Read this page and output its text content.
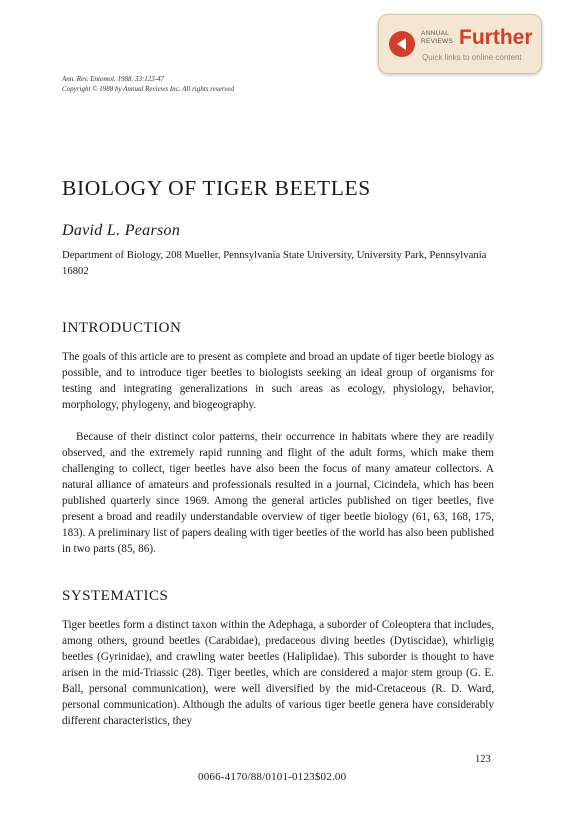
ANNUAL
REVIEWS Further
Quick links to online content
Ann. Rev. Entomol. 1988. 33:123-47
Copyright © 1988 by Annual Reviews Inc. All rights reserved
BIOLOGY OF TIGER BEETLES
David L. Pearson
Department of Biology, 208 Mueller, Pennsylvania State University, University Park, Pennsylvania 16802
INTRODUCTION

The goals of this article are to present as complete and broad an update of tiger beetle biology as possible, and to introduce tiger beetles to biologists seeking an ideal group of organisms for testing and integrating generalizations in such areas as ecology, physiology, behavior, morphology, phylogeny, and biogeography.

Because of their distinct color patterns, their occurrence in habitats where they are readily observed, and the extremely rapid running and flight of the adult forms, which make them challenging to collect, tiger beetles have also been the focus of many amateur collectors. A natural alliance of amateurs and professionals resulted in a journal, Cicindela, which has been published quarterly since 1969. Among the general articles published on tiger beetles, five present a broad and readily understandable overview of tiger beetle biology (61, 63, 168, 175, 183). A preliminary list of papers dealing with tiger beetles of the world has also been published in two parts (85, 86).

SYSTEMATICS

Tiger beetles form a distinct taxon within the Adephaga, a suborder of Coleoptera that includes, among others, ground beetles (Carabidae), predaceous diving beetles (Dytiscidae), whirligig beetles (Gyrinidae), and crawling water beetles (Haliplidae). This suborder is thought to have arisen in the mid-Triassic (28). Tiger beetles, which are considered a major stem group (G. E. Ball, personal communication), were well diversified by the mid-Cretaceous (R. D. Ward, personal communication). Although the adults of various tiger beetle genera have considerably different characteristics, they

123
0066-4170/88/0101-0123$02.00
